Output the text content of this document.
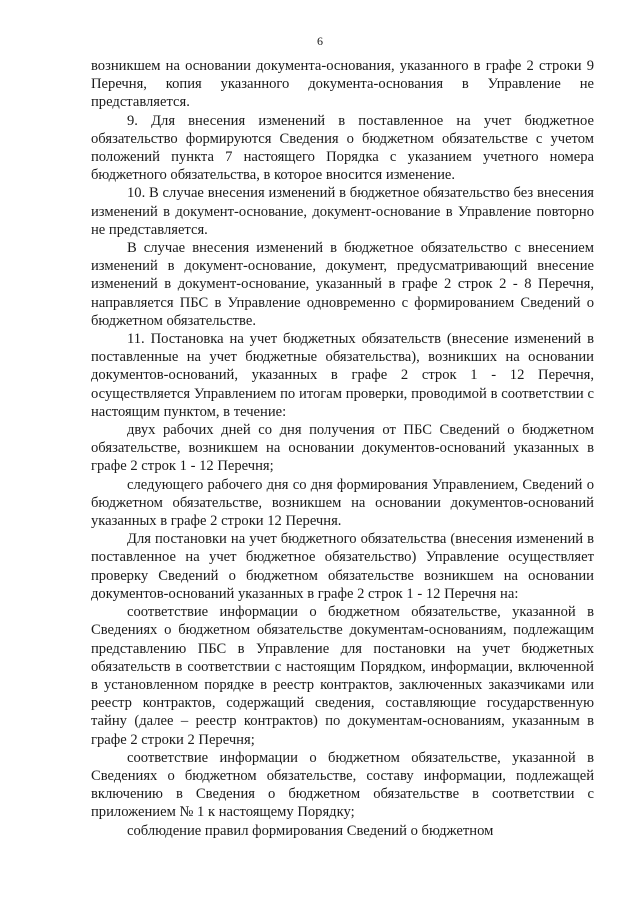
6

возникшем на основании документа-основания, указанного в графе 2 строки 9 Перечня, копия указанного документа-основания в Управление не представляется.

9. Для внесения изменений в поставленное на учет бюджетное обязательство формируются Сведения о бюджетном обязательстве с учетом положений пункта 7 настоящего Порядка с указанием учетного номера бюджетного обязательства, в которое вносится изменение.

10. В случае внесения изменений в бюджетное обязательство без внесения изменений в документ-основание, документ-основание в Управление повторно не представляется.

В случае внесения изменений в бюджетное обязательство с внесением изменений в документ-основание, документ, предусматривающий внесение изменений в документ-основание, указанный в графе 2 строк 2 - 8 Перечня, направляется ПБС в Управление одновременно с формированием Сведений о бюджетном обязательстве.

11. Постановка на учет бюджетных обязательств (внесение изменений в поставленные на учет бюджетные обязательства), возникших на основании документов-оснований, указанных в графе 2 строк 1 - 12 Перечня, осуществляется Управлением по итогам проверки, проводимой в соответствии с настоящим пунктом, в течение:

двух рабочих дней со дня получения от ПБС Сведений о бюджетном обязательстве, возникшем на основании документов-оснований указанных в графе 2 строк 1 - 12 Перечня;

следующего рабочего дня со дня формирования Управлением, Сведений о бюджетном обязательстве, возникшем на основании документов-оснований указанных в графе 2 строки 12 Перечня.

Для постановки на учет бюджетного обязательства (внесения изменений в поставленное на учет бюджетное обязательство) Управление осуществляет проверку Сведений о бюджетном обязательстве возникшем на основании документов-оснований указанных в графе 2 строк 1 - 12 Перечня на:

соответствие информации о бюджетном обязательстве, указанной в Сведениях о бюджетном обязательстве документам-основаниям, подлежащим представлению ПБС в Управление для постановки на учет бюджетных обязательств в соответствии с настоящим Порядком, информации, включенной в установленном порядке в реестр контрактов, заключенных заказчиками или реестр контрактов, содержащий сведения, составляющие государственную тайну (далее – реестр контрактов) по документам-основаниям, указанным в графе 2 строки 2 Перечня;

соответствие информации о бюджетном обязательстве, указанной в Сведениях о бюджетном обязательстве, составу информации, подлежащей включению в Сведения о бюджетном обязательстве в соответствии с приложением № 1 к настоящему Порядку;

соблюдение правил формирования Сведений о бюджетном
